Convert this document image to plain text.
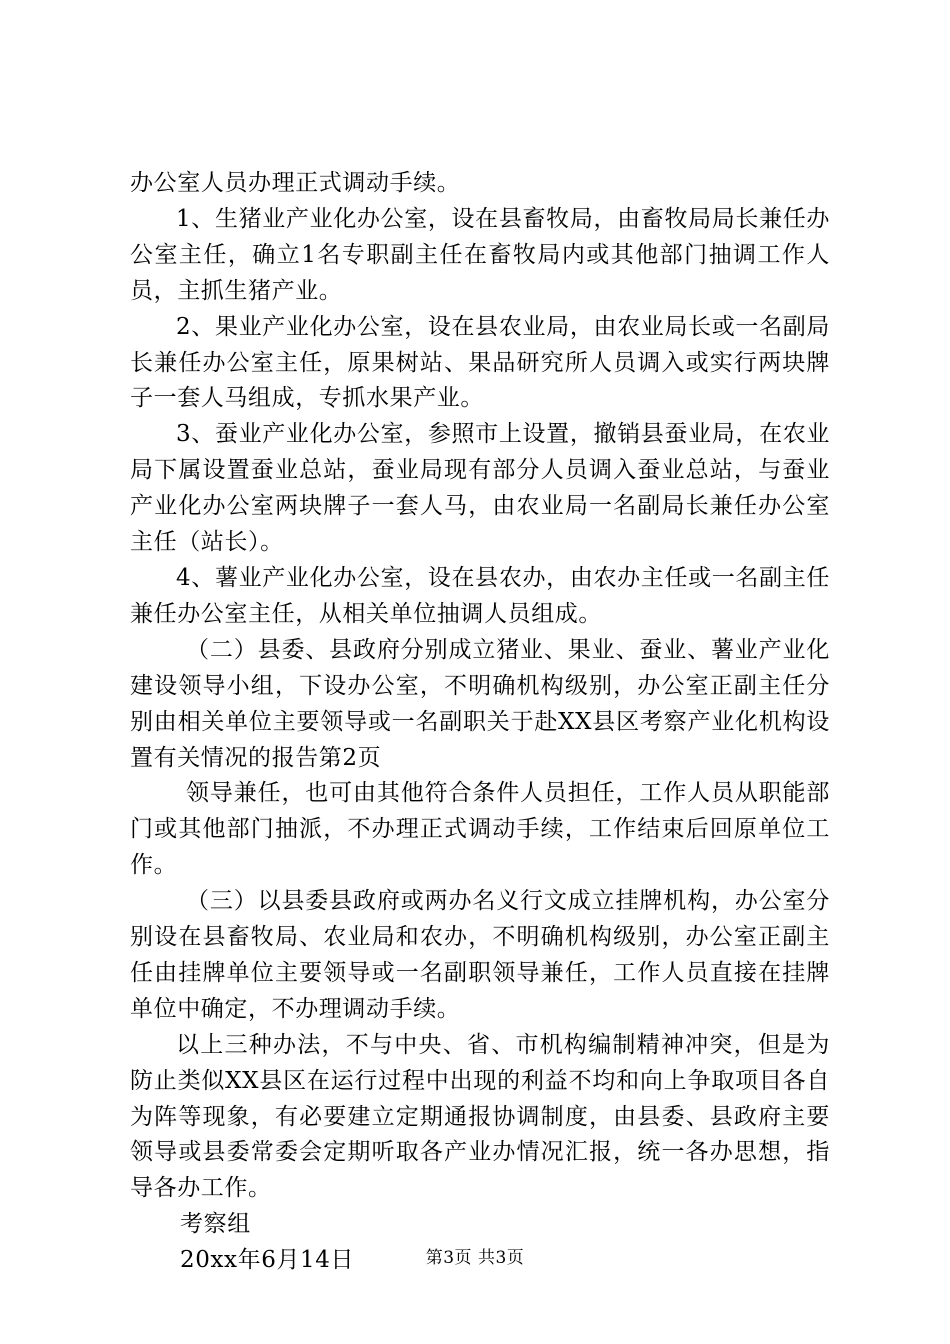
办公室人员办理正式调动手续。

1、生猪业产业化办公室，设在县畜牧局，由畜牧局局长兼任办公室主任，确立1名专职副主任在畜牧局内或其他部门抽调工作人员，主抓生猪产业。

2、果业产业化办公室，设在县农业局，由农业局长或一名副局长兼任办公室主任，原果树站、果品研究所人员调入或实行两块牌子一套人马组成，专抓水果产业。

3、蚕业产业化办公室，参照市上设置，撤销县蚕业局，在农业局下属设置蚕业总站，蚕业局现有部分人员调入蚕业总站，与蚕业产业化办公室两块牌子一套人马，由农业局一名副局长兼任办公室主任（站长）。

4、薯业产业化办公室，设在县农办，由农办主任或一名副主任兼任办公室主任，从相关单位抽调人员组成。

（二）县委、县政府分别成立猪业、果业、蚕业、薯业产业化建设领导小组，下设办公室，不明确机构级别，办公室正副主任分别由相关单位主要领导或一名副职关于赴XX县区考察产业化机构设置有关情况的报告第2页

领导兼任，也可由其他符合条件人员担任，工作人员从职能部门或其他部门抽派，不办理正式调动手续，工作结束后回原单位工作。

（三）以县委县政府或两办名义行文成立挂牌机构，办公室分别设在县畜牧局、农业局和农办，不明确机构级别，办公室正副主任由挂牌单位主要领导或一名副职领导兼任，工作人员直接在挂牌单位中确定，不办理调动手续。

以上三种办法，不与中央、省、市机构编制精神冲突，但是为防止类似XX县区在运行过程中出现的利益不均和向上争取项目各自为阵等现象，有必要建立定期通报协调制度，由县委、县政府主要领导或县委常委会定期听取各产业办情况汇报，统一各办思想，指导各办工作。

考察组

20xx年6月14日	第3页 共3页
